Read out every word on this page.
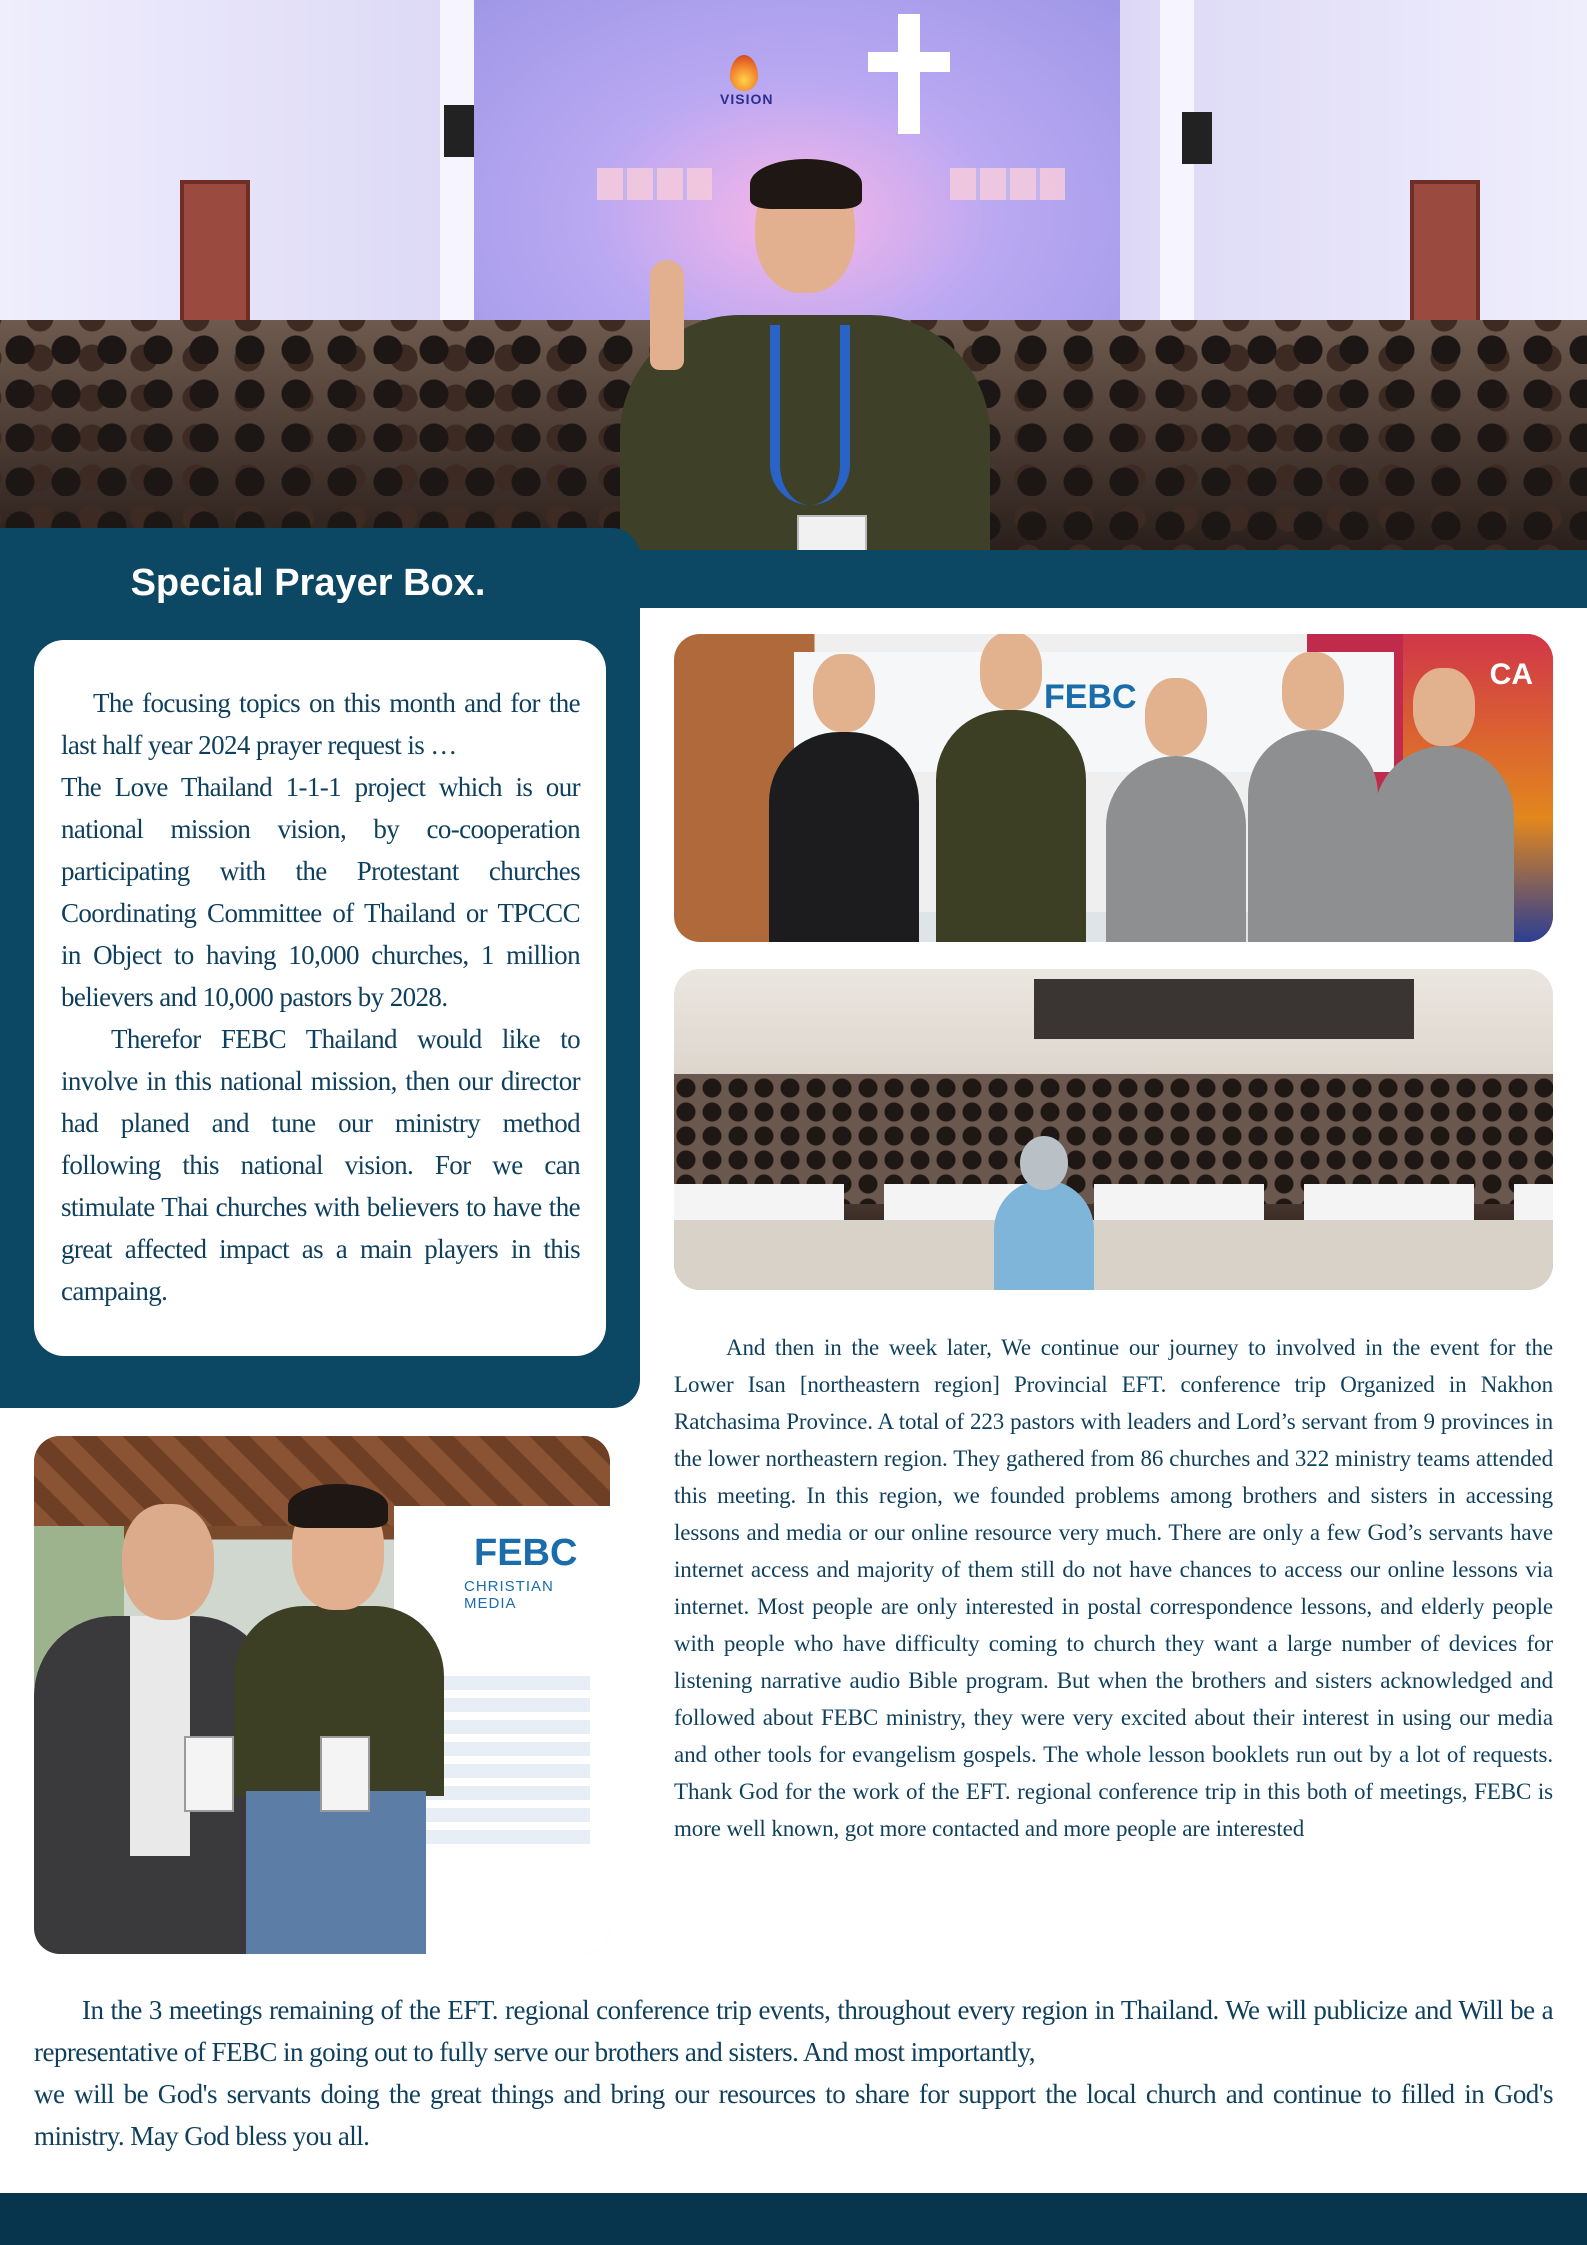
VISION
Special Prayer Box.

The focusing topics on this month and for the last half year 2024 prayer request is …

The Love Thailand 1-1-1 project which is our national mission vision, by co-cooperation participating with the Protestant churches Coordinating Committee of Thailand or TPCCC in Object to having 10,000 churches, 1 million believers and 10,000 pastors by 2028.

Therefor FEBC Thailand would like to involve in this national mission, then our director had planed and tune our ministry method following this national vision. For we can stimulate Thai churches with believers to have the great affected impact as a main players in this campaing.

FEBC
CA
FEBC
CHRISTIAN MEDIA

And then in the week later, We continue our journey to involved in the event for the Lower Isan [northeastern region] Provincial EFT. conference trip Organized in Nakhon Ratchasima Province. A total of 223 pastors with leaders and Lord’s servant from 9 provinces in the lower northeastern region. They gathered from 86 churches and 322 ministry teams attended this meeting. In this region, we founded problems among brothers and sisters in accessing lessons and media or our online resource very much. There are only a few God’s servants have internet access and majority of them still do not have chances to access our online lessons via internet. Most people are only interested in postal correspondence lessons, and elderly people with people who have difficulty coming to church they want a large number of devices for listening narrative audio Bible program. But when the brothers and sisters acknowledged and followed about FEBC ministry, they were very excited about their interest in using our media and other tools for evangelism gospels. The whole lesson booklets run out by a lot of requests. Thank God for the work of the EFT. regional conference trip in this both of meetings, FEBC is more well known, got more contacted and more people are interested

In the 3 meetings remaining of the EFT. regional conference trip events, throughout every region in Thailand. We will publicize and Will be a representative of FEBC in going out to fully serve our brothers and sisters. And most importantly,

we will be God's servants doing the great things and bring our resources to share for support the local church and continue to filled in God's ministry. May God bless you all.
